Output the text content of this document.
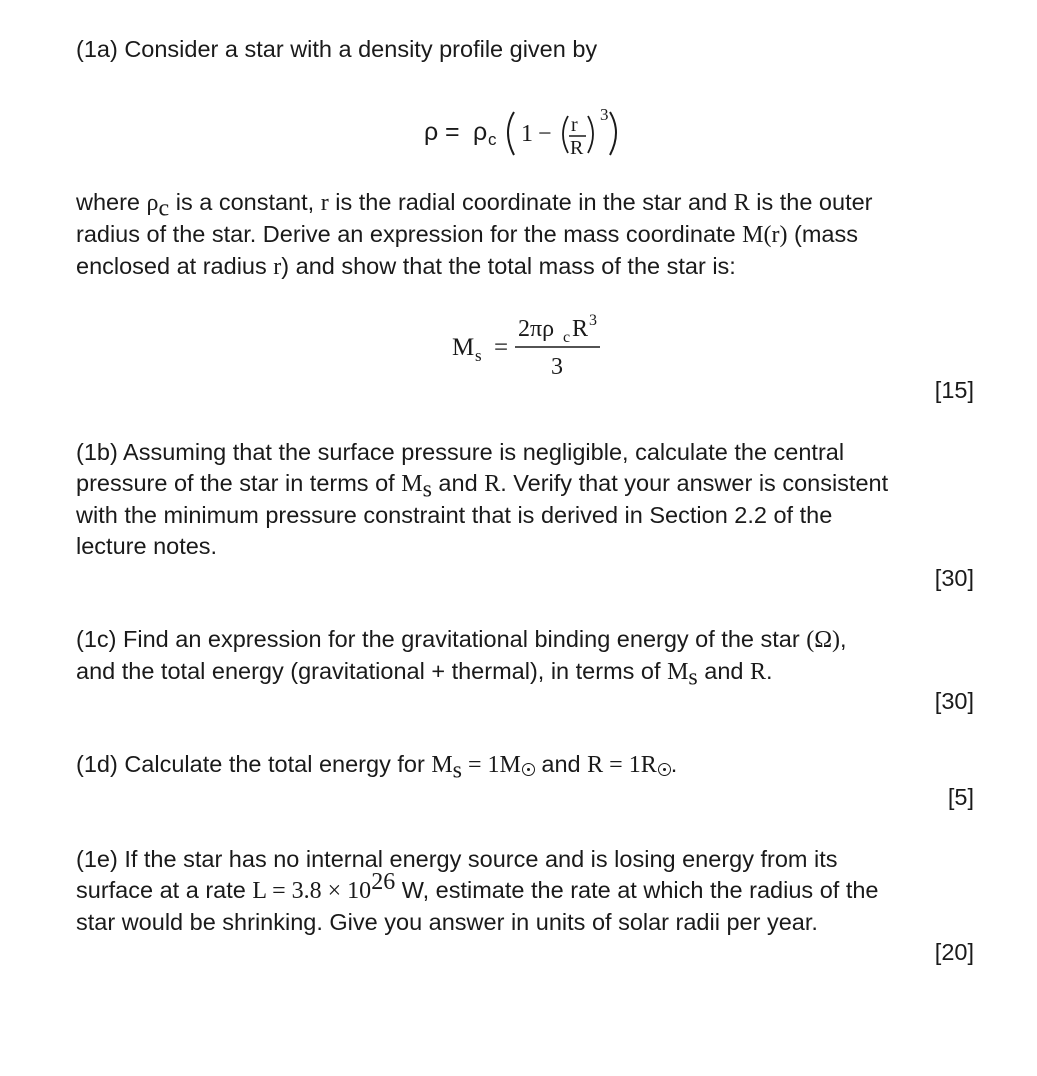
(1a) Consider a star with a density profile given by

ρ = ρ c 1 − r
R
3

where $\rho_c$ is a constant, r is the radial coordinate in the star and R is the outer
radius of the star. Derive an expression for the mass coordinate M(r) (mass
enclosed at radius r) and show that the total mass of the star is:

M s =
2πρ c R 3
3
[15]

(1b) Assuming that the surface pressure is negligible, calculate the central
pressure of the star in terms of $M_s$ and R. Verify that your answer is consistent
with the minimum pressure constraint that is derived in Section 2.2 of the
lecture notes.

[30]

(1c) Find an expression for the gravitational binding energy of the star (Ω),
and the total energy (gravitational + thermal), in terms of $M_s$ and R.

[30]

(1d) Calculate the total energy for $M_s = 1M$ and R = 1R .

[5]

(1e) If the star has no internal energy source and is losing energy from its
surface at a rate $L = 3.8 \times 10^{26}$ W, estimate the rate at which the radius of the
star would be shrinking. Give you answer in units of solar radii per year.

[20]
